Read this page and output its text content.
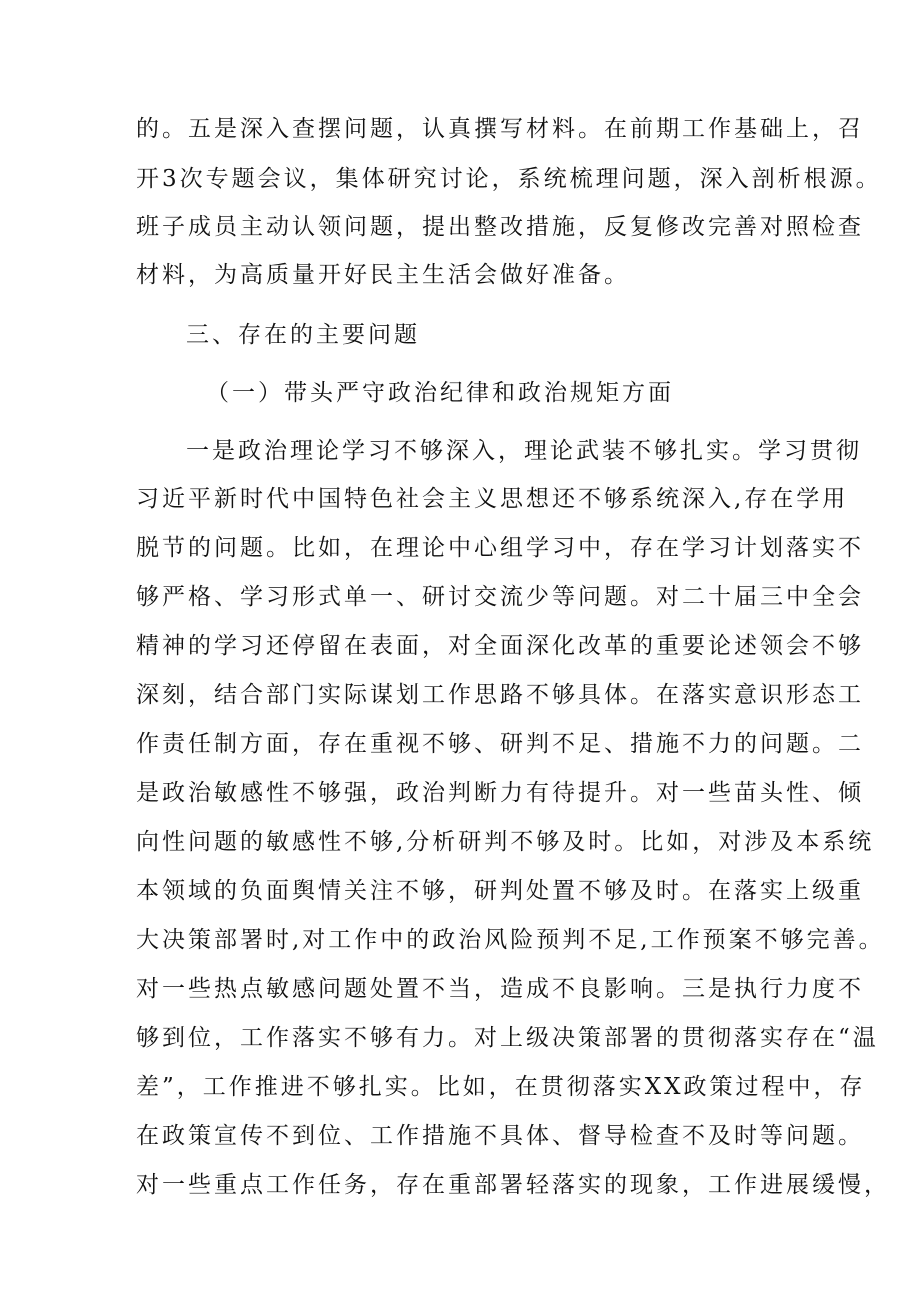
的。五是深入查摆问题，认真撰写材料。在前期工作基础上，召

开3次专题会议，集体研究讨论，系统梳理问题，深入剖析根源。

班子成员主动认领问题，提出整改措施，反复修改完善对照检查

材料，为高质量开好民主生活会做好准备。

三、存在的主要问题

（一）带头严守政治纪律和政治规矩方面

一是政治理论学习不够深入，理论武装不够扎实。学习贯彻

习近平新时代中国特色社会主义思想还不够系统深入,存在学用

脱节的问题。比如，在理论中心组学习中，存在学习计划落实不

够严格、学习形式单一、研讨交流少等问题。对二十届三中全会

精神的学习还停留在表面，对全面深化改革的重要论述领会不够

深刻，结合部门实际谋划工作思路不够具体。在落实意识形态工

作责任制方面，存在重视不够、研判不足、措施不力的问题。二

是政治敏感性不够强，政治判断力有待提升。对一些苗头性、倾

向性问题的敏感性不够,分析研判不够及时。比如，对涉及本系统

本领域的负面舆情关注不够，研判处置不够及时。在落实上级重

大决策部署时,对工作中的政治风险预判不足,工作预案不够完善。

对一些热点敏感问题处置不当，造成不良影响。三是执行力度不

够到位，工作落实不够有力。对上级决策部署的贯彻落实存在“温

差”，工作推进不够扎实。比如，在贯彻落实XX政策过程中，存

在政策宣传不到位、工作措施不具体、督导检查不及时等问题。

对一些重点工作任务，存在重部署轻落实的现象，工作进展缓慢，
